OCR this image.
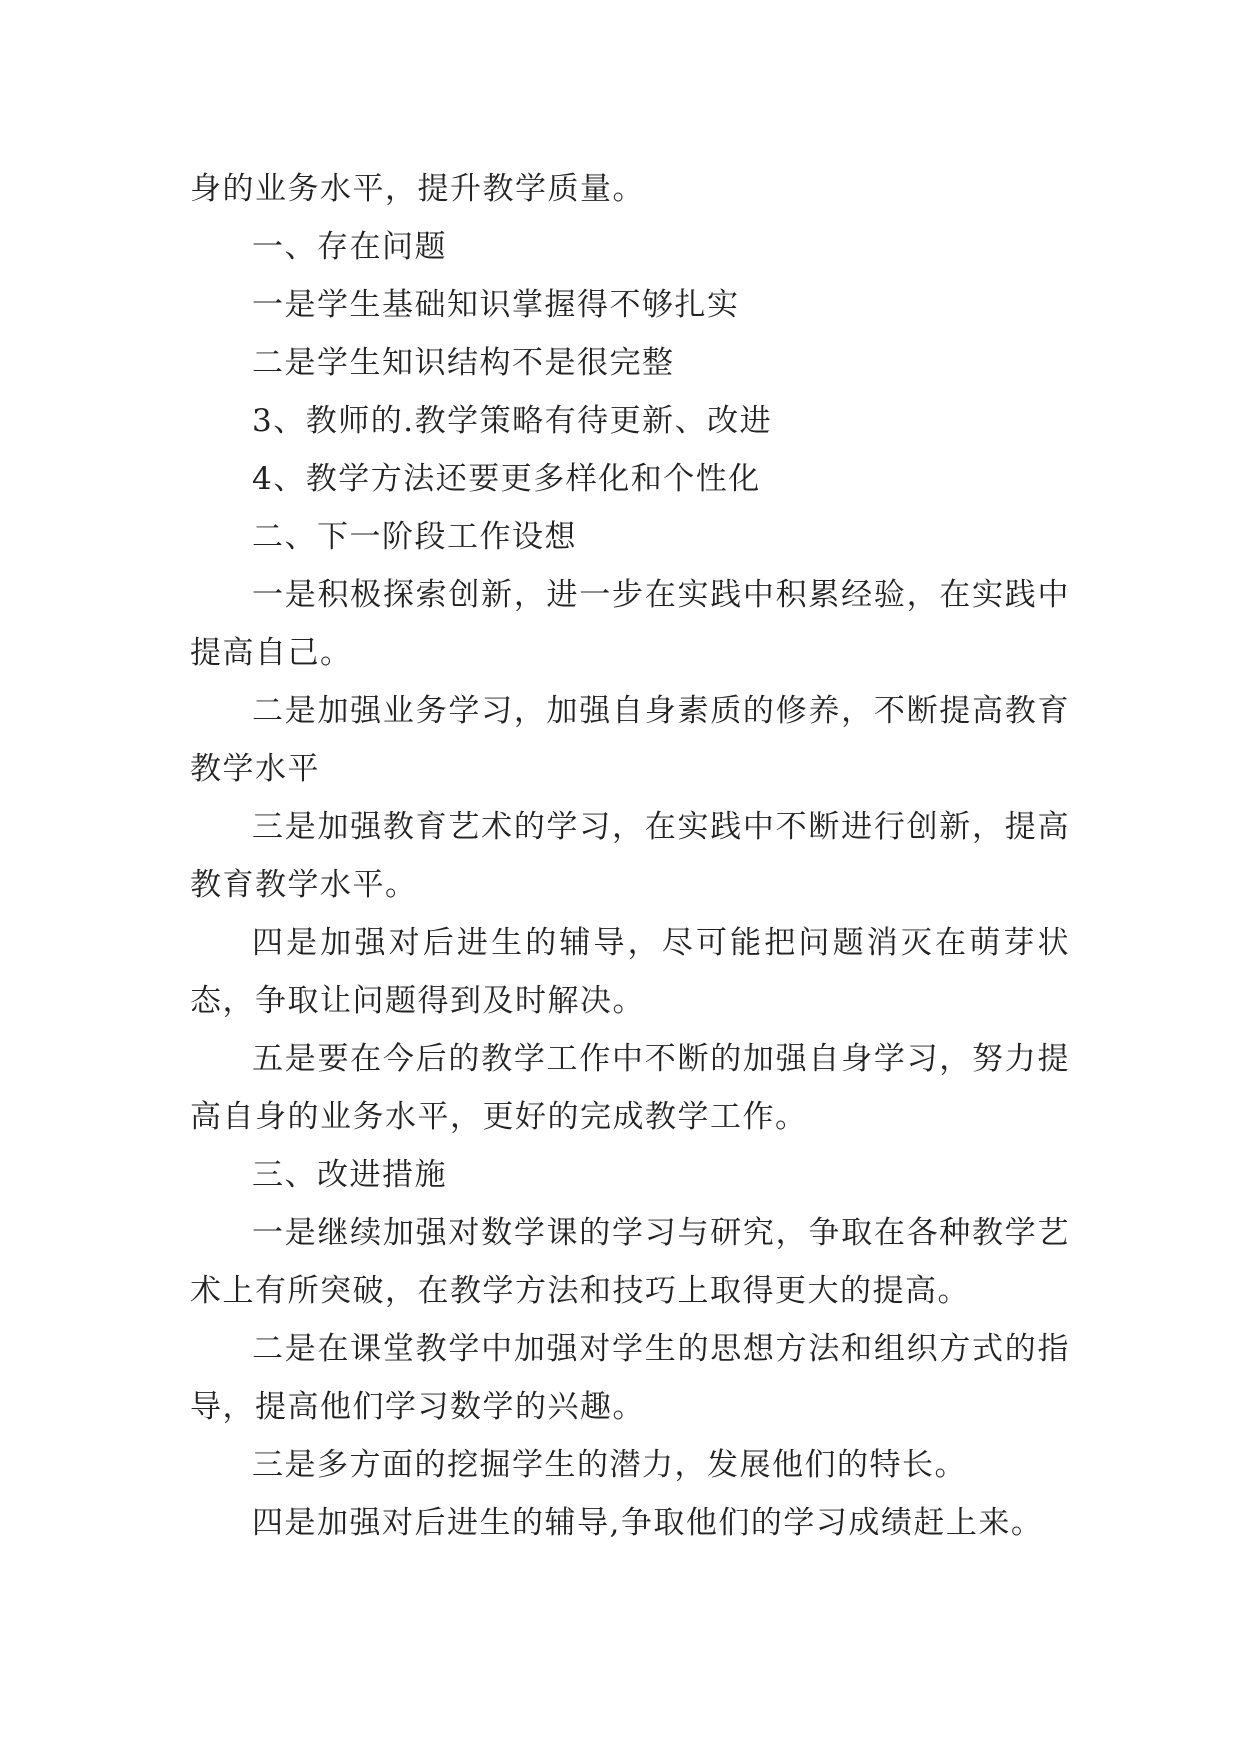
身的业务水平，提升教学质量。

一、存在问题

一是学生基础知识掌握得不够扎实

二是学生知识结构不是很完整

3、教师的.教学策略有待更新、改进

4、教学方法还要更多样化和个性化

二、下一阶段工作设想

一是积极探索创新，进一步在实践中积累经验，在实践中提高自己。

二是加强业务学习，加强自身素质的修养，不断提高教育教学水平

三是加强教育艺术的学习，在实践中不断进行创新，提高教育教学水平。

四是加强对后进生的辅导，尽可能把问题消灭在萌芽状态，争取让问题得到及时解决。

五是要在今后的教学工作中不断的加强自身学习，努力提高自身的业务水平，更好的完成教学工作。

三、改进措施

一是继续加强对数学课的学习与研究，争取在各种教学艺术上有所突破，在教学方法和技巧上取得更大的提高。

二是在课堂教学中加强对学生的思想方法和组织方式的指导，提高他们学习数学的兴趣。

三是多方面的挖掘学生的潜力，发展他们的特长。

四是加强对后进生的辅导,争取他们的学习成绩赶上来。
